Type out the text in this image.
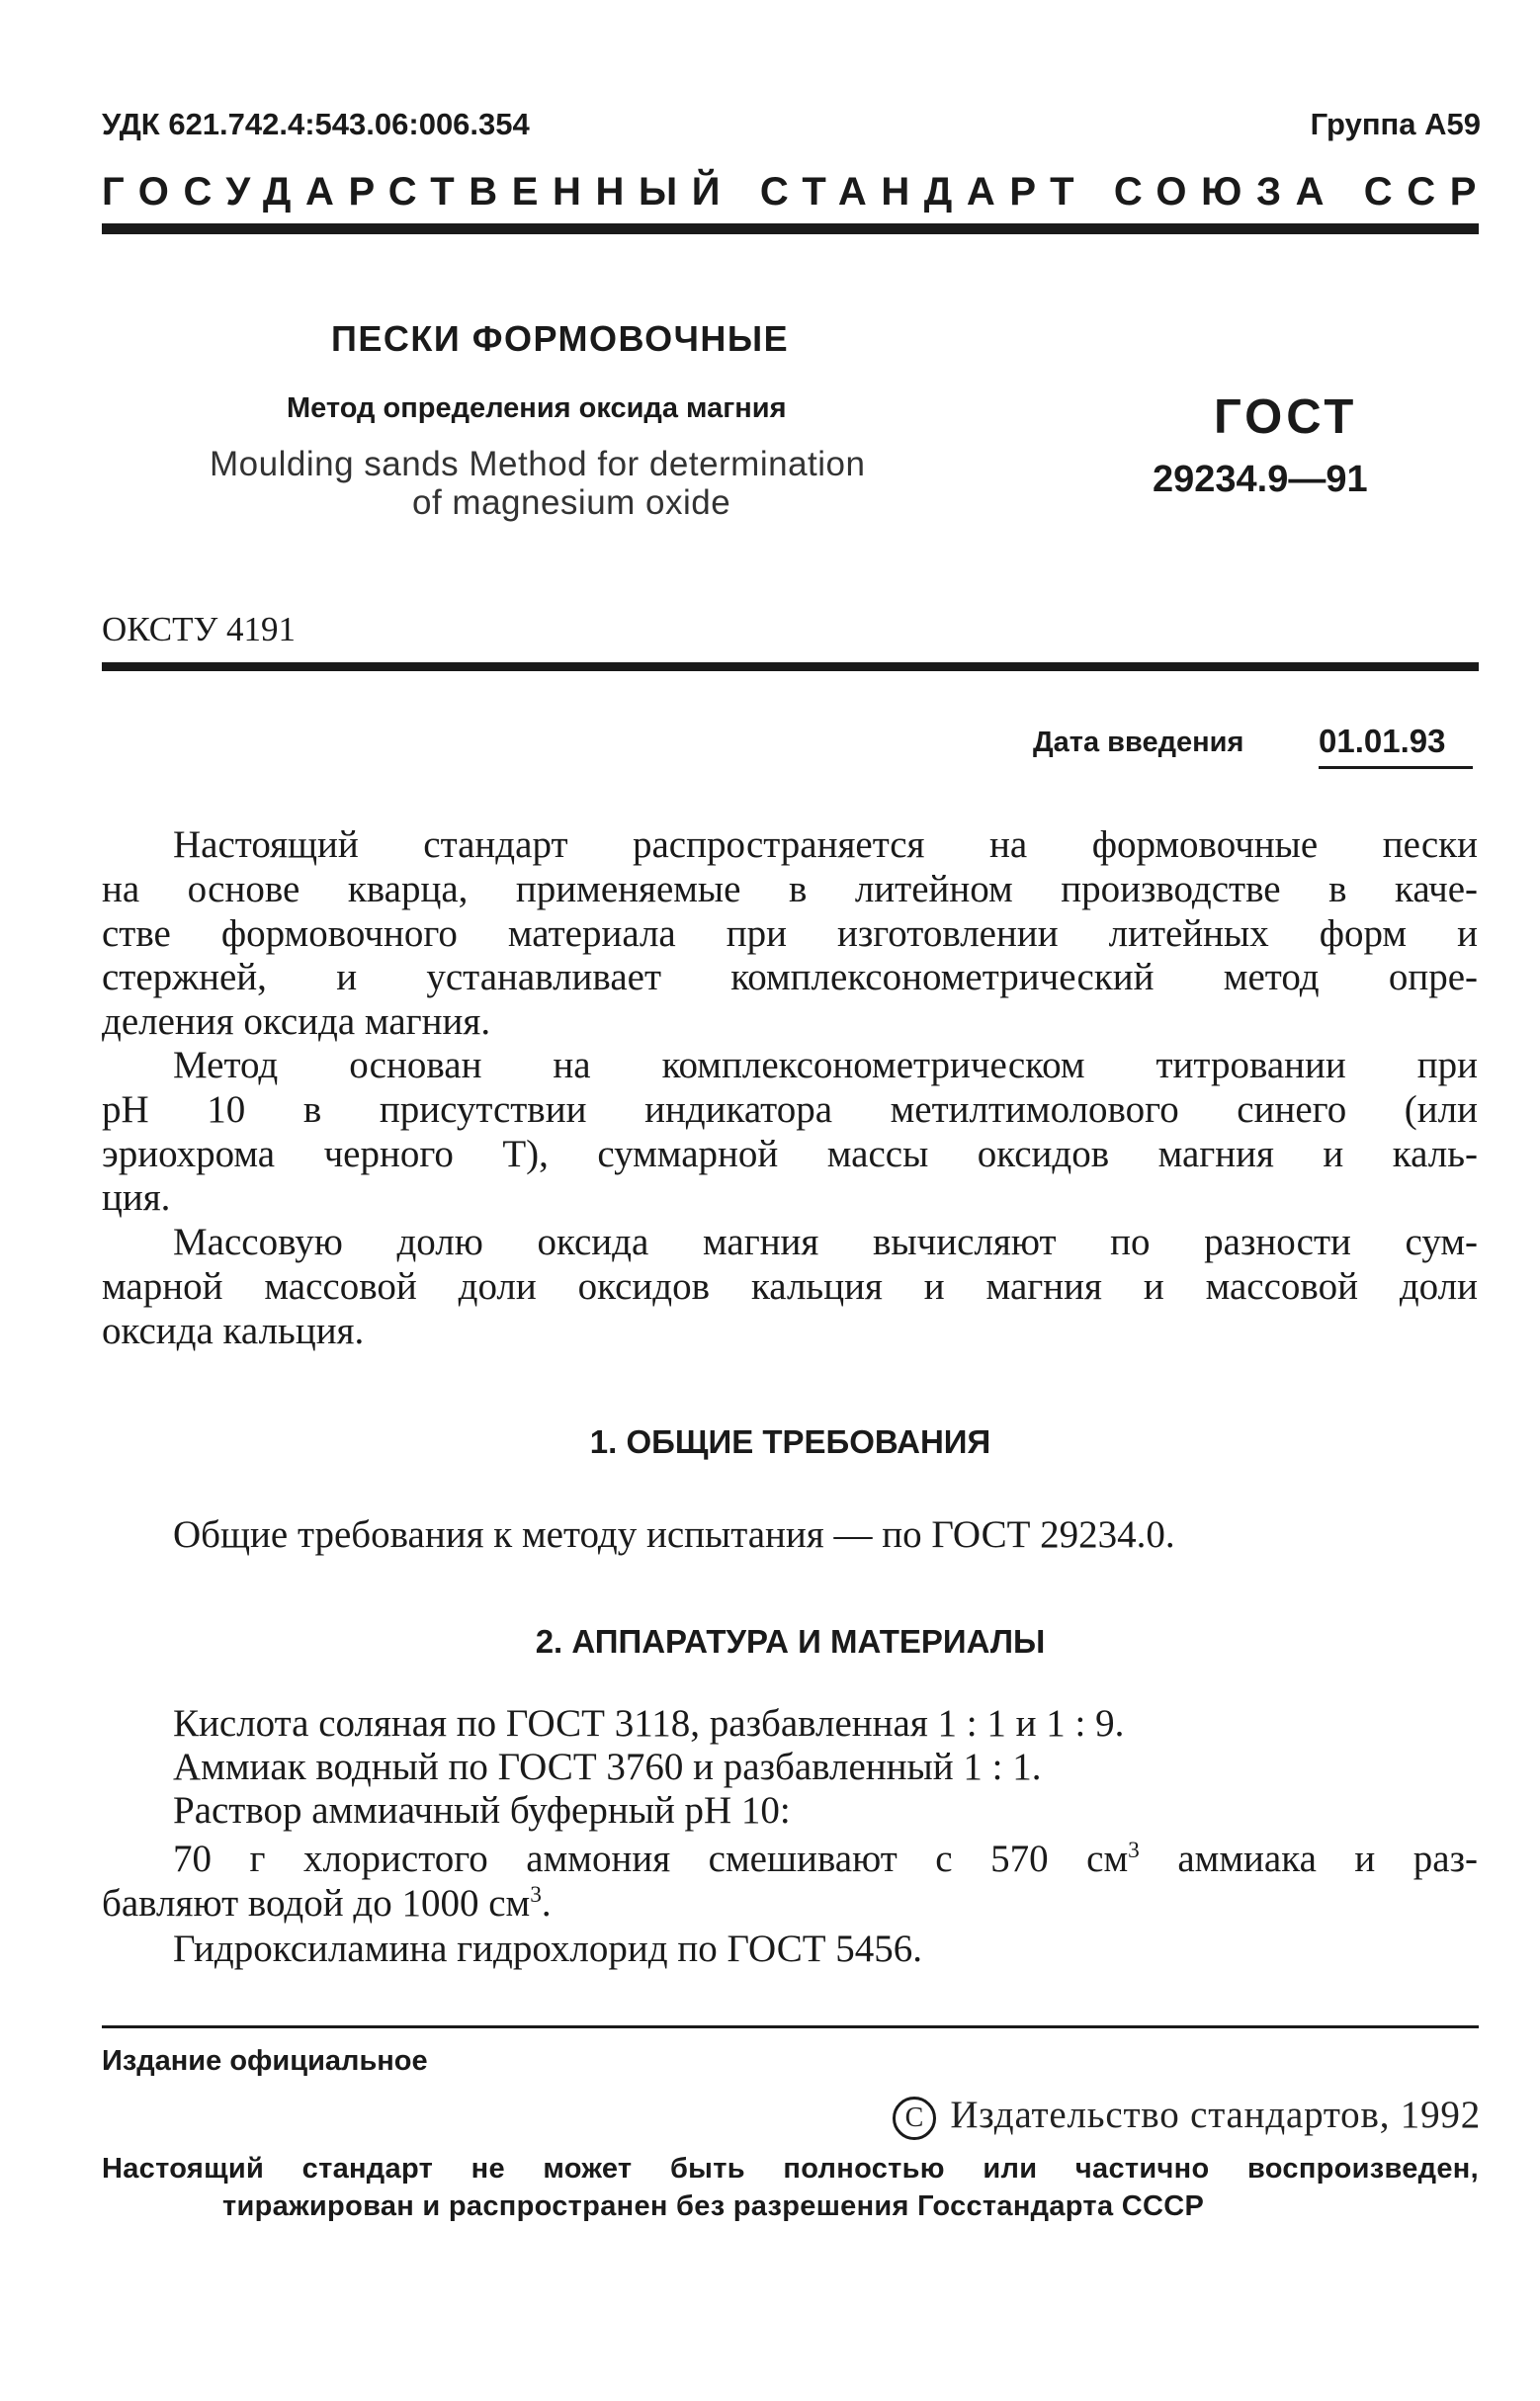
УДК 621.742.4:543.06:006.354	Группа А59
ГОСУДАРСТВЕННЫЙ СТАНДАРТ СОЮЗА ССР
ПЕСКИ ФОРМОВОЧНЫЕ
Метод определения оксида магния
Moulding sands Method for determination
of magnesium oxide
ГОСТ
29234.9—91
ОКСТУ 4191
Дата введения 01.01.93
Настоящий стандарт распространяется на формовочные пески
на основе кварца, применяемые в литейном производстве в каче-
стве формовочного материала при изготовлении литейных форм и
стержней, и устанавливает комплексонометрический метод опре-
деления оксида магния.
Метод основан на комплексонометрическом титровании при
рН 10 в присутствии индикатора метилтимолового синего (или
эриохрома черного Т), суммарной массы оксидов магния и каль-
ция.
Массовую долю оксида магния вычисляют по разности сум-
марной массовой доли оксидов кальция и магния и массовой доли
оксида кальция.
1. ОБЩИЕ ТРЕБОВАНИЯ
Общие требования к методу испытания — по ГОСТ 29234.0.
2. АППАРАТУРА И МАТЕРИАЛЫ
Кислота соляная по ГОСТ 3118, разбавленная 1 : 1 и 1 : 9.
Аммиак водный по ГОСТ 3760 и разбавленный 1 : 1.
Раствор аммиачный буферный рН 10:
70 г хлористого аммония смешивают с 570 $см^3$ аммиака и раз-
бавляют водой до 1000 $см^3$.
Гидроксиламина гидрохлорид по ГОСТ 5456.
Издание официальное
C Издательство стандартов, 1992
Настоящий стандарт не может быть полностью или частично воспроизведен,
тиражирован и распространен без разрешения Госстандарта СССР
